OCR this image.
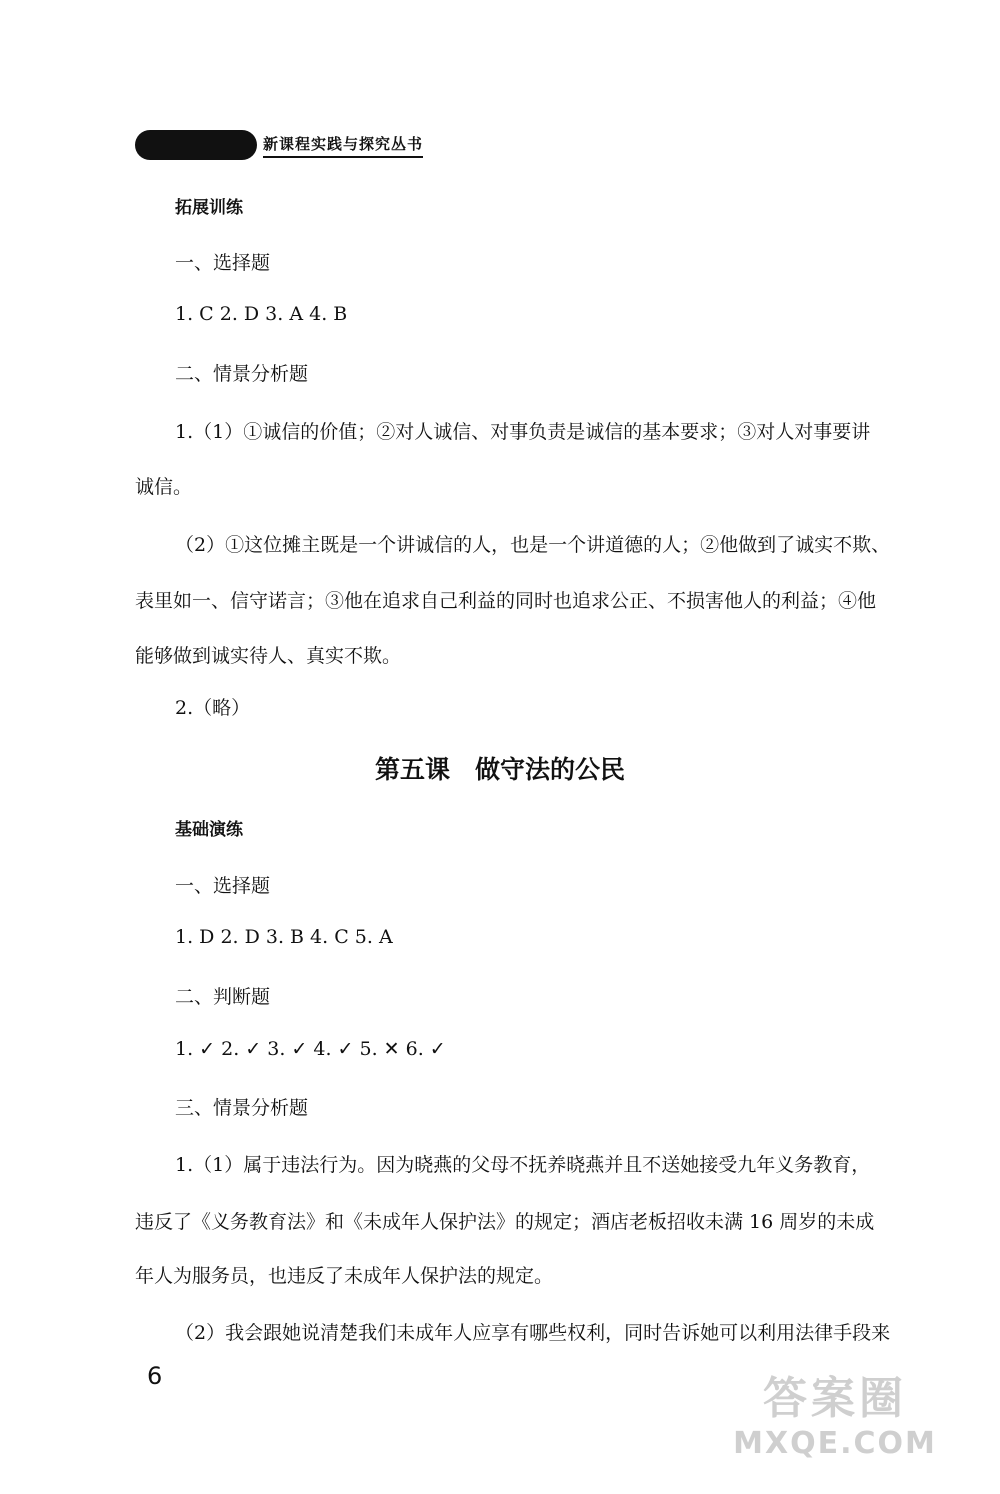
新课程实践与探究丛书
拓展训练
一、选择题
1. C 2. D 3. A 4. B
二、情景分析题
1.（1）①诚信的价值；②对人诚信、对事负责是诚信的基本要求；③对人对事要讲
诚信。
（2）①这位摊主既是一个讲诚信的人，也是一个讲道德的人；②他做到了诚实不欺、
表里如一、信守诺言；③他在追求自己利益的同时也追求公正、不损害他人的利益；④他
能够做到诚实待人、真实不欺。
2.（略）
第五课　做守法的公民
基础演练
一、选择题
1. D 2. D 3. B 4. C 5. A
二、判断题
1. ✓ 2. ✓ 3. ✓ 4. ✓ 5. ✕ 6. ✓
三、情景分析题
1.（1）属于违法行为。因为晓燕的父母不抚养晓燕并且不送她接受九年义务教育，
违反了《义务教育法》和《未成年人保护法》的规定；酒店老板招收未满 16 周岁的未成
年人为服务员，也违反了未成年人保护法的规定。
（2）我会跟她说清楚我们未成年人应享有哪些权利，同时告诉她可以利用法律手段来
6	答案圈
MXQE.COM
